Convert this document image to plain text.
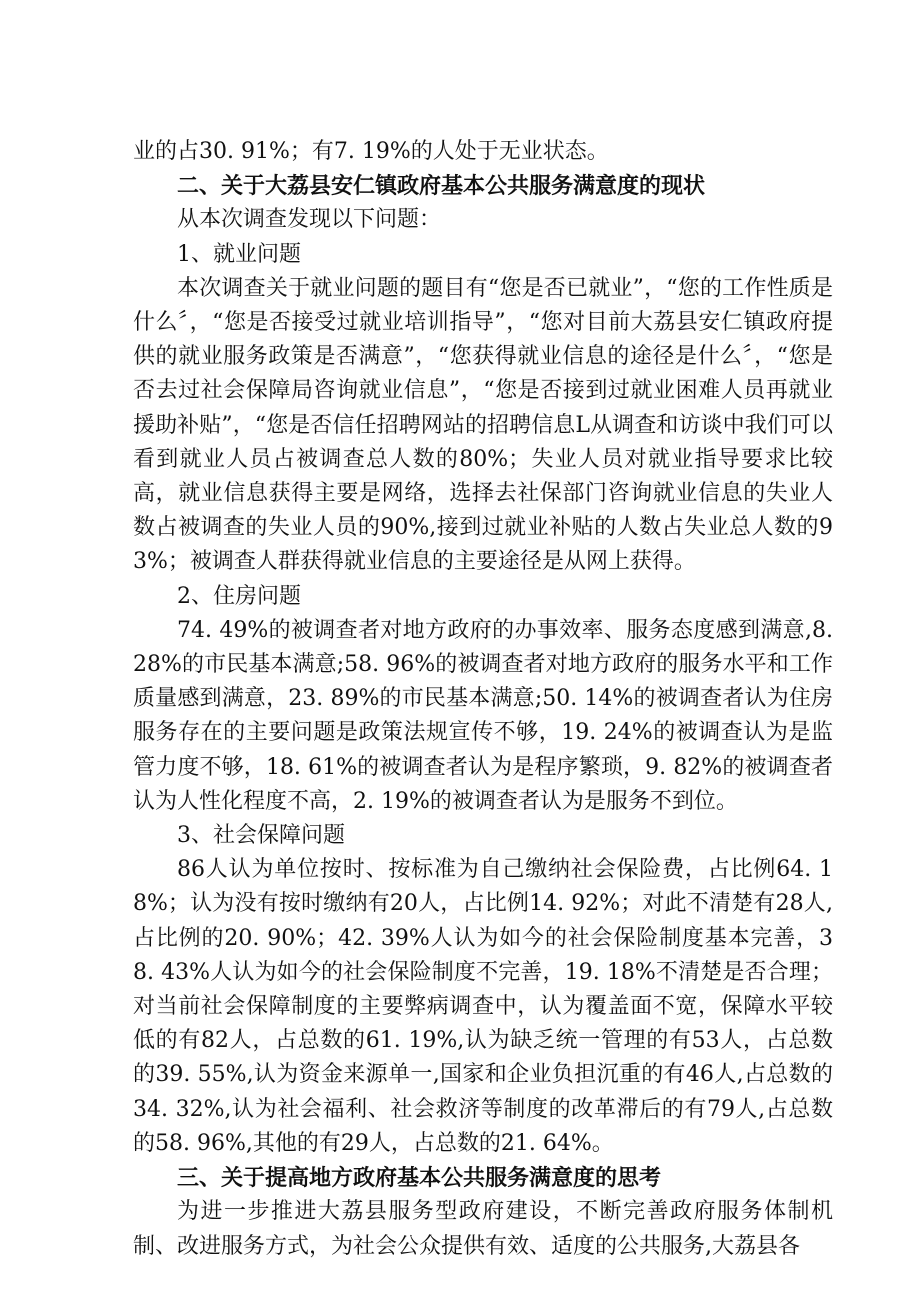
业的占30. 91%；有7. 19%的人处于无业状态。

二、关于大荔县安仁镇政府基本公共服务满意度的现状

从本次调查发现以下问题：

1、就业问题

本次调查关于就业问题的题目有“您是否已就业”，“您的工作性质是什么〞，“您是否接受过就业培训指导”，“您对目前大荔县安仁镇政府提供的就业服务政策是否满意”，“您获得就业信息的途径是什么〞，“您是否去过社会保障局咨询就业信息”，“您是否接到过就业困难人员再就业援助补贴”，“您是否信任招聘网站的招聘信息L从调查和访谈中我们可以看到就业人员占被调查总人数的80%；失业人员对就业指导要求比较高，就业信息获得主要是网络，选择去社保部门咨询就业信息的失业人数占被调查的失业人员的90%,接到过就业补贴的人数占失业总人数的93%；被调查人群获得就业信息的主要途径是从网上获得。

2、住房问题

74. 49%的被调查者对地方政府的办事效率、服务态度感到满意,8. 28%的市民基本满意;58. 96%的被调查者对地方政府的服务水平和工作质量感到满意，23. 89%的市民基本满意;50. 14%的被调查者认为住房服务存在的主要问题是政策法规宣传不够，19. 24%的被调查认为是监管力度不够，18. 61%的被调查者认为是程序繁琐，9. 82%的被调查者认为人性化程度不高，2. 19%的被调查者认为是服务不到位。

3、社会保障问题

86人认为单位按时、按标准为自己缴纳社会保险费，占比例64. 18%；认为没有按时缴纳有20人，占比例14. 92%；对此不清楚有28人,占比例的20. 90%；42. 39%人认为如今的社会保险制度基本完善，38. 43%人认为如今的社会保险制度不完善，19. 18%不清楚是否合理；对当前社会保障制度的主要弊病调查中，认为覆盖面不宽，保障水平较低的有82人，占总数的61. 19%,认为缺乏统一管理的有53人，占总数的39. 55%,认为资金来源单一,国家和企业负担沉重的有46人,占总数的34. 32%,认为社会福利、社会救济等制度的改革滞后的有79人,占总数的58. 96%,其他的有29人，占总数的21. 64%。

三、关于提高地方政府基本公共服务满意度的思考

为进一步推进大荔县服务型政府建设，不断完善政府服务体制机制、改进服务方式，为社会公众提供有效、适度的公共服务,大荔县各
